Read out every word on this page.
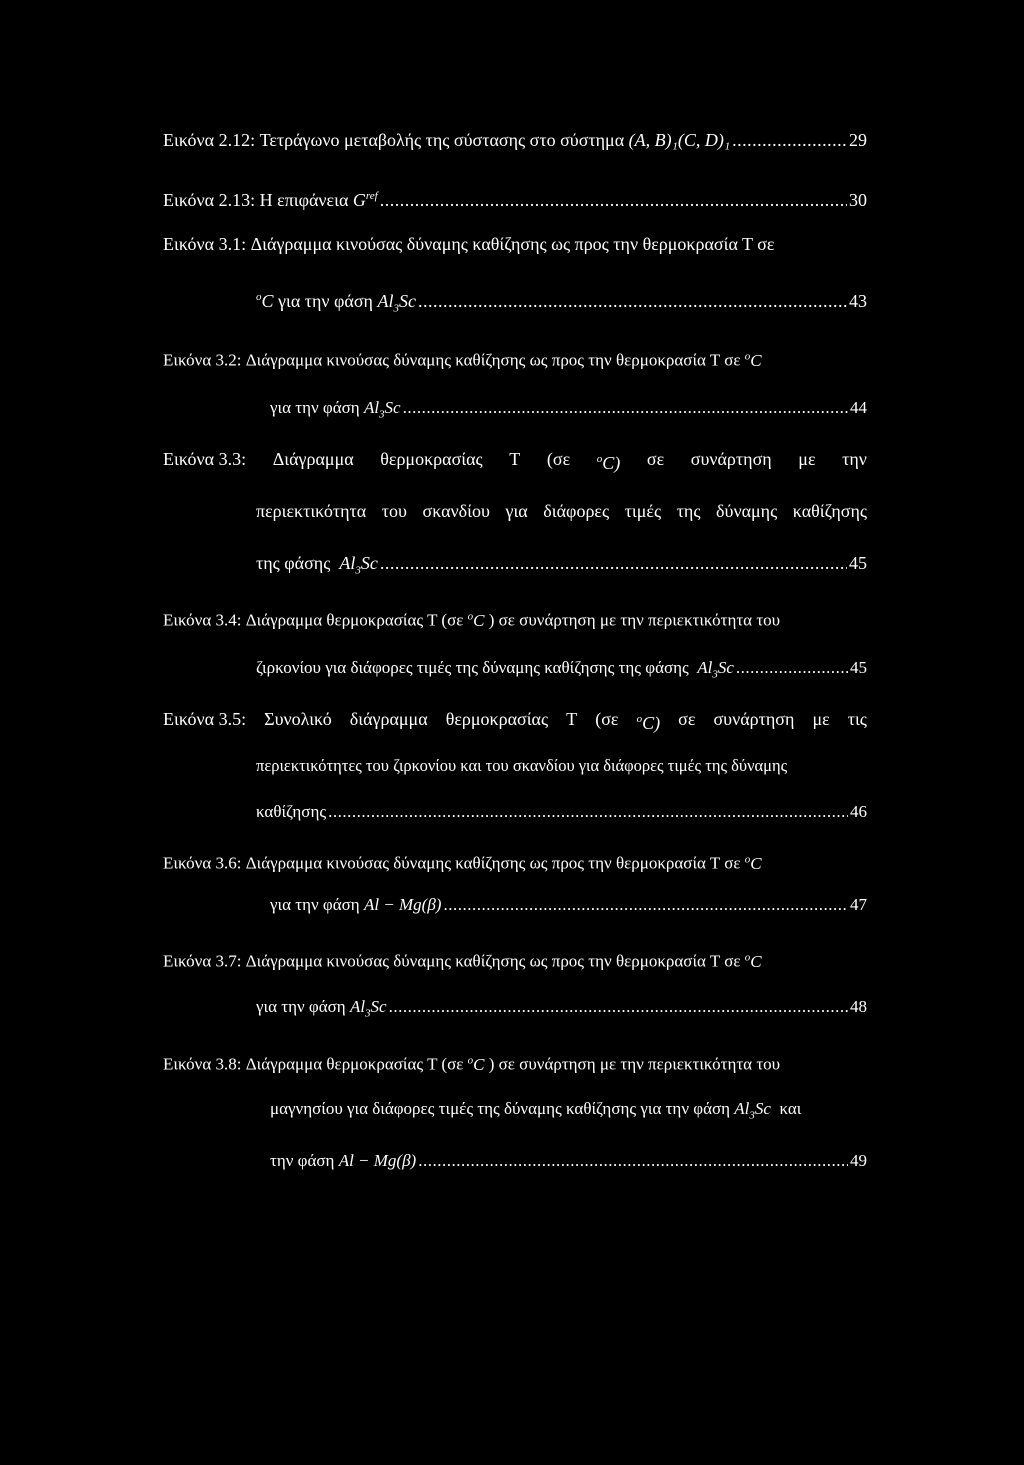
Εικόνα 2.12:
Τετράγωνο μεταβολής της σύστασης στο σύστημα
(A, B)₁(C, D)₁ .....	29
Εικόνα 2.13:
Η επιφάνεια
$G^{ref}$ .....	30
Εικόνα 3.1: Διάγραμμα κινούσας δύναμης καθίζησης ως προς την θερμοκρασία Τ σε
$^o$C
για την φάση
$Al_3Sc$ .....	43
Εικόνα 3.2: Διάγραμμα κινούσας δύναμης καθίζησης ως προς την θερμοκρασία Τ σε $^o$C
για την φάση
$Al_3Sc$ .....	44
Εικόνα 3.3: Διάγραμμα θερμοκρασίας Τ (σε $^o$C) σε συνάρτηση με την
περιεκτικότητα του σκανδίου για διάφορες τιμές της δύναμης καθίζησης
της φάσης
$Al_3Sc$ .....	45
Εικόνα 3.4: Διάγραμμα θερμοκρασίας Τ (σε $^o$C ) σε συνάρτηση με την περιεκτικότητα του
ζιρκονίου για διάφορες τιμές της δύναμης καθίζησης της φάσης
$Al_3Sc$ .....	45
Εικόνα 3.5: Συνολικό διάγραμμα θερμοκρασίας Τ (σε $^o$C) σε συνάρτηση με τις
περιεκτικότητες του ζιρκονίου και του σκανδίου για διάφορες τιμές της δύναμης
καθίζησης .....	46
Εικόνα 3.6: Διάγραμμα κινούσας δύναμης καθίζησης ως προς την θερμοκρασία Τ σε $^o$C
για την φάση
Al − Mg(β) .....	47
Εικόνα 3.7: Διάγραμμα κινούσας δύναμης καθίζησης ως προς την θερμοκρασία Τ σε $^o$C
για την φάση
$Al_3Sc$ .....	48
Εικόνα 3.8: Διάγραμμα θερμοκρασίας Τ (σε $^o$C ) σε συνάρτηση με την περιεκτικότητα του
μαγνησίου για διάφορες τιμές της δύναμης καθίζησης για την φάση $Al_3Sc$ και
την φάση
Al − Mg(β) .....	49
